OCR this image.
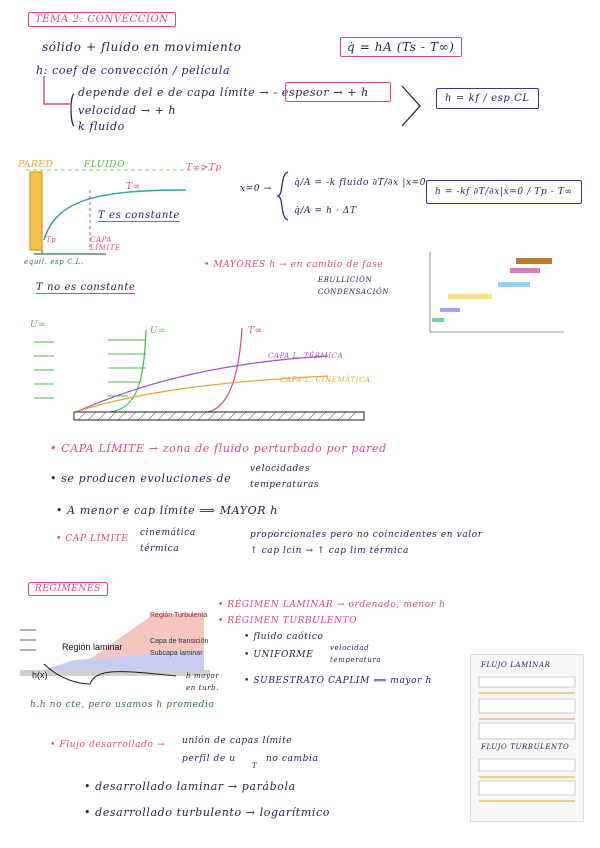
TEMA 2: CONVECCIÓN
sólido + fluido en movimiento	q̇ = hA (Ts - T∞)
h: coef de convección / película
depende del e de capa límite → - espesor → + h
velocidad → + h
k fluido
h = kf / esp CL
PARED	FLUIDO	T∞>Tp
T∞
T es constante
Tp	CAPA LÍMITE
equil. esp C.L.
T no es constante
x=0 →
q̇/A = -k fluido ∂T/∂x |x=0
q̇/A = h · ΔT
h = -kf ∂T/∂x|x=0 / Tp - T∞
• MAYORES h → en cambio de fase
EBULLICIÓN
CONDENSACIÓN
U∞
U∞	T∞
CAPA L. TÉRMICA
CAPA L. CINEMÁTICA
• CAPA LÍMITE → zona de fluido perturbado por pared
• se producen evoluciones de
velocidades
temperaturas
• A menor e cap límite ⟹ MAYOR h
• CAP LÍMITE
cinemática
térmica
proporcionales pero no coincidentes en valor
↑ cap lcin → ↑ cap lim térmica
REGÍMENES
Región Turbulenta
Capa de transición
Subcapa laminar
Región laminar
h(x)
• RÉGIMEN LAMINAR → ordenado, menor h
• RÉGIMEN TURBULENTO
• fluido caótico
• UNIFORME
velocidad
temperatura
• SUBESTRATO CAPLIM ⟹ mayor h
h mayor
en turb.
h.h no cte, pero usamos h promedio
• Flujo desarrollado → unión de capas límite
perfil de u
T
no cambia
• desarrollado laminar → parábola
• desarrollado turbulento → logarítmico
FLUJO LAMINAR
FLUJO TURBULENTO
